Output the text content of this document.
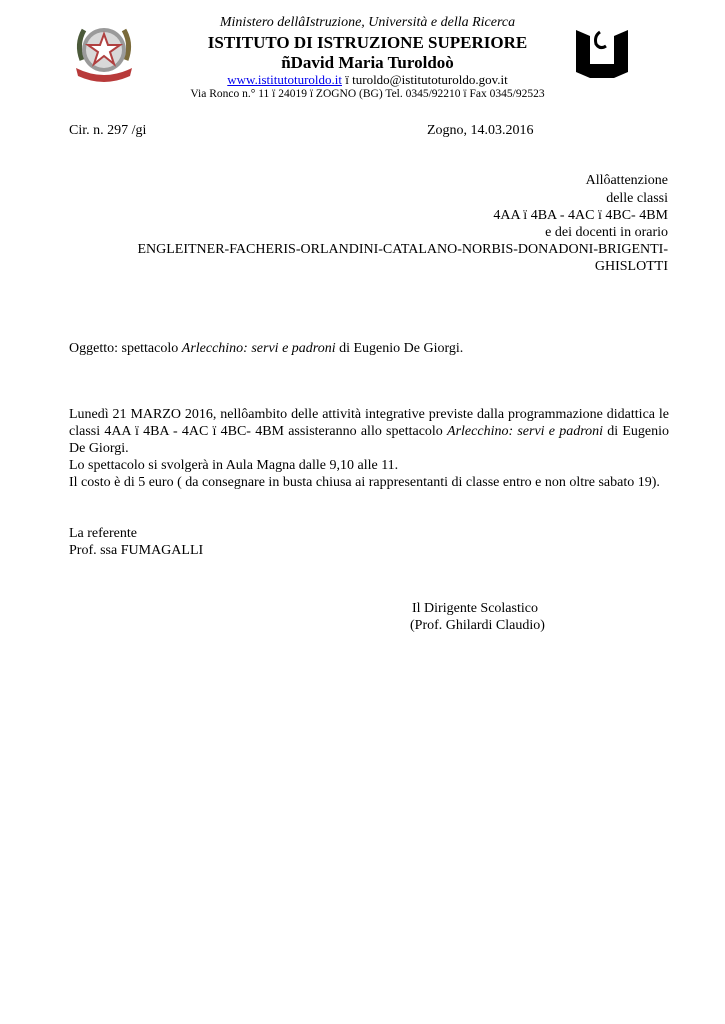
Ministero dellâIstruzione, Università e della Ricerca
ISTITUTO DI ISTRUZIONE SUPERIORE
ñDavid Maria Turoldoò
www.istitutoturoldo.it ï turoldo@istitutoturoldo.gov.it
Via Ronco n.° 11 ï 24019 ï ZOGNO (BG) Tel. 0345/92210 ï Fax 0345/92523
Cir. n. 297 /gi	Zogno, 14.03.2016
Allôattenzione
delle classi
4AA ï 4BA - 4AC ï 4BC- 4BM
e dei docenti in orario
ENGLEITNER-FACHERIS-ORLANDINI-CATALANO-NORBIS-DONADONI-BRIGENTI-
GHISLOTTI
Oggetto: spettacolo Arlecchino: servi e padroni di Eugenio De Giorgi.

Lunedì 21 MARZO 2016, nellôambito delle attività integrative previste dalla programmazione didattica le classi 4AA ï 4BA - 4AC ï 4BC- 4BM assisteranno allo spettacolo Arlecchino: servi e padroni di Eugenio De Giorgi.

Lo spettacolo si svolgerà in Aula Magna dalle 9,10 alle 11.

Il costo è di 5 euro ( da consegnare in busta chiusa ai rappresentanti di classe entro e non oltre sabato 19).

La referente
Prof. ssa FUMAGALLI
Il Dirigente Scolastico
(Prof. Ghilardi Claudio)
